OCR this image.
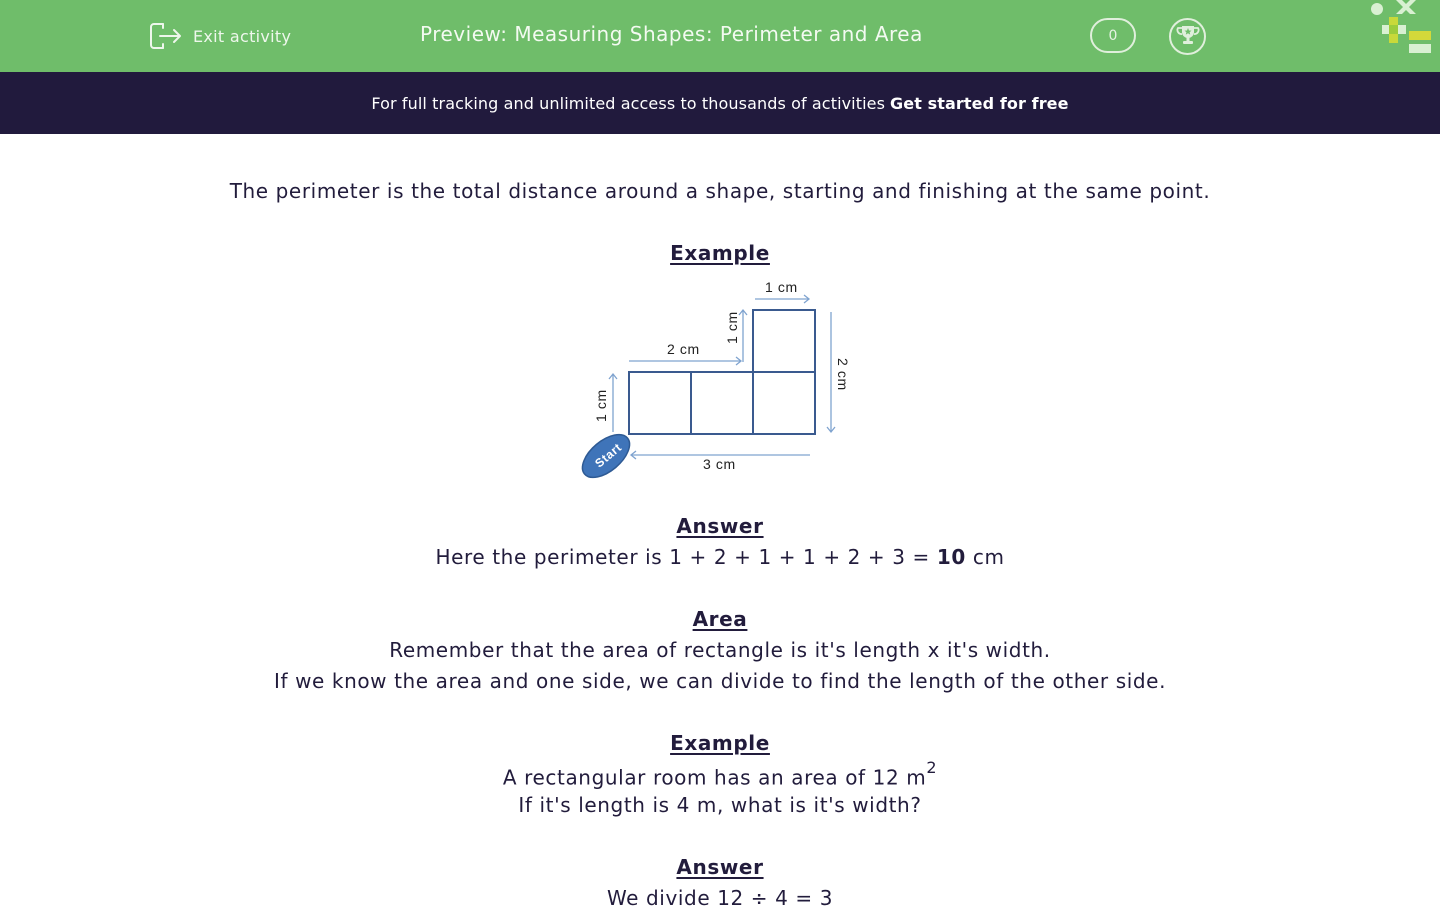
Exit activity	Preview: Measuring Shapes: Perimeter and Area	0
For full tracking and unlimited access to thousands of activities Get started for free
The perimeter is the total distance around a shape, starting and finishing at the same point.
Example
1 cm
2 cm
3 cm
1 cm
1 cm
2 cm
Start
Answer
Here the perimeter is 1 + 2 + 1 + 1 + 2 + 3 = 10 cm
Area
Remember that the area of rectangle is it's length x it's width.
If we know the area and one side, we can divide to find the length of the other side.
Example
A rectangular room has an area of 12 $m^2$
If it's length is 4 m, what is it's width?
Answer
We divide 12 ÷ 4 = 3
